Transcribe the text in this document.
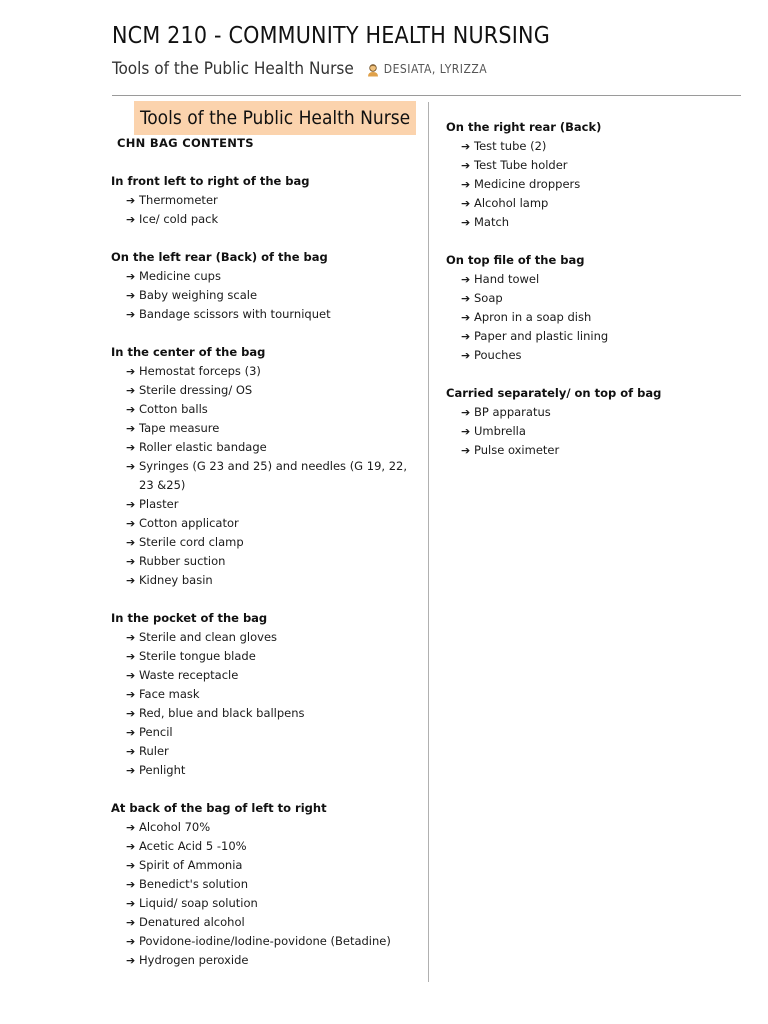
NCM 210 - COMMUNITY HEALTH NURSING
Tools of the Public Health Nurse	DESIATA, LYRIZZA
Tools of the Public Health Nurse
CHN BAG CONTENTS
In front left to right of the bag
➔ Thermometer
➔ Ice/ cold pack
On the left rear (Back) of the bag
➔ Medicine cups
➔ Baby weighing scale
➔ Bandage scissors with tourniquet
In the center of the bag
➔ Hemostat forceps (3)
➔ Sterile dressing/ OS
➔ Cotton balls
➔ Tape measure
➔ Roller elastic bandage
➔ Syringes (G 23 and 25) and needles (G 19, 22, 23 &25)
➔ Plaster
➔ Cotton applicator
➔ Sterile cord clamp
➔ Rubber suction
➔ Kidney basin
In the pocket of the bag
➔ Sterile and clean gloves
➔ Sterile tongue blade
➔ Waste receptacle
➔ Face mask
➔ Red, blue and black ballpens
➔ Pencil
➔ Ruler
➔ Penlight
At back of the bag of left to right
➔ Alcohol 70%
➔ Acetic Acid 5 -10%
➔ Spirit of Ammonia
➔ Benedict's solution
➔ Liquid/ soap solution
➔ Denatured alcohol
➔ Povidone-iodine/Iodine-povidone (Betadine)
➔ Hydrogen peroxide
On the right rear (Back)
➔ Test tube (2)
➔ Test Tube holder
➔ Medicine droppers
➔ Alcohol lamp
➔ Match
On top file of the bag
➔ Hand towel
➔ Soap
➔ Apron in a soap dish
➔ Paper and plastic lining
➔ Pouches
Carried separately/ on top of bag
➔ BP apparatus
➔ Umbrella
➔ Pulse oximeter
